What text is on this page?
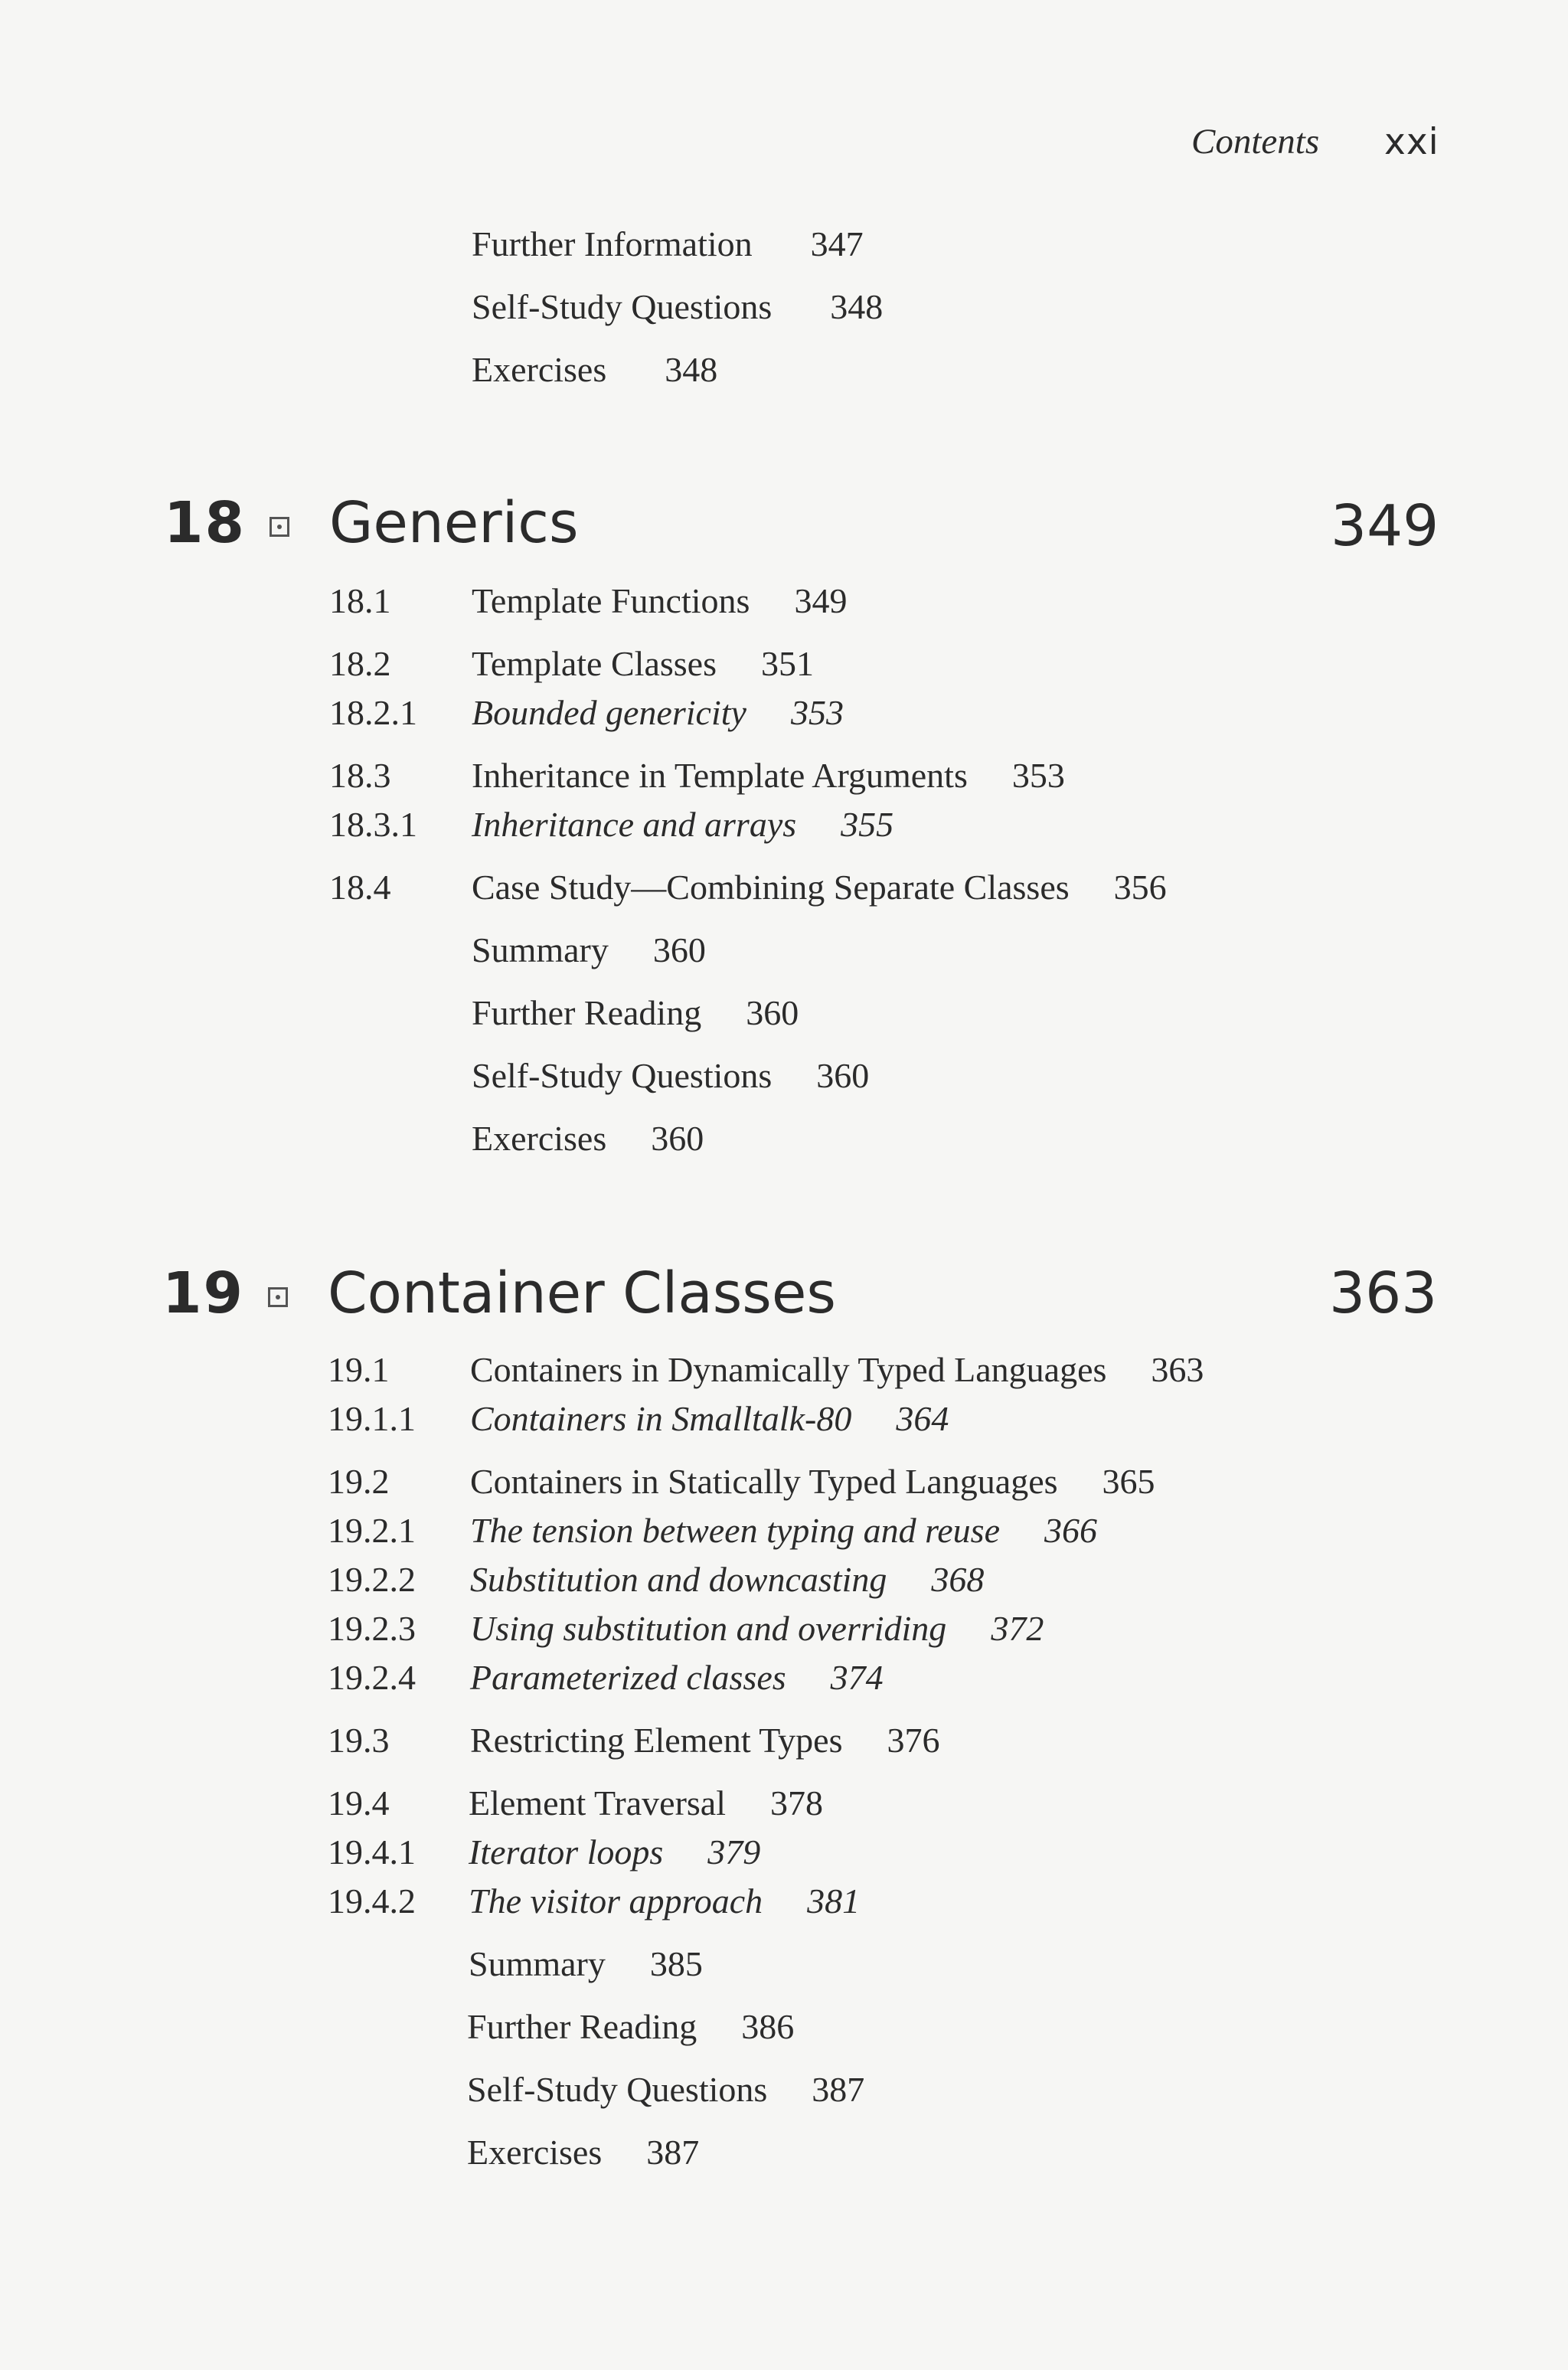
Contents xxi
Further Information 347
Self-Study Questions 348
Exercises 348
18 Generics	349
18.1 Template Functions 349
18.2 Template Classes 351
18.2.1 Bounded genericity 353
18.3 Inheritance in Template Arguments 353
18.3.1 Inheritance and arrays 355
18.4 Case Study—Combining Separate Classes 356
Summary 360
Further Reading 360
Self-Study Questions 360
Exercises 360
19 Container Classes	363
19.1 Containers in Dynamically Typed Languages 363
19.1.1 Containers in Smalltalk-80 364
19.2 Containers in Statically Typed Languages 365
19.2.1 The tension between typing and reuse 366
19.2.2 Substitution and downcasting 368
19.2.3 Using substitution and overriding 372
19.2.4 Parameterized classes 374
19.3 Restricting Element Types 376
19.4 Element Traversal 378
19.4.1 Iterator loops 379
19.4.2 The visitor approach 381
Summary 385
Further Reading 386
Self-Study Questions 387
Exercises 387
